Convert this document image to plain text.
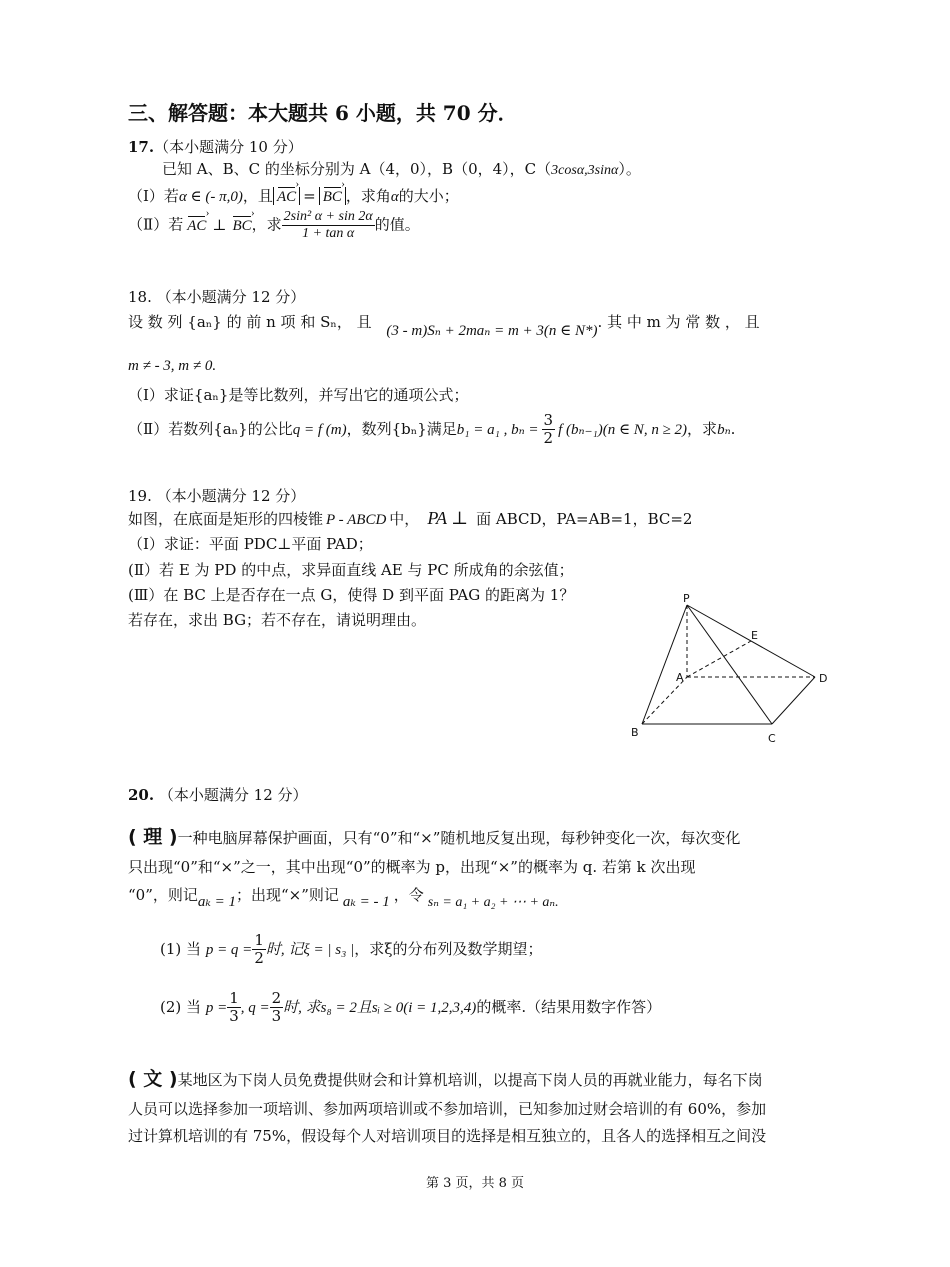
三、解答题：本大题共 6 小题，共 70 分．
17.（本小题满分 10 分）
已知 A、B、C 的坐标分别为 A（4，0），B（0，4），C（3cosα,3sinα）。
（Ⅰ）若α ∈ (- π,0)，且 AC › = BC › ，求角α的大小；
（Ⅱ）若 AC › ⊥ BC ›，求 $\frac{\text{2sin² α + sin 2α}}{\text{1 + tan α}}$ 的值。
18. （本小题满分 12 分）
设 数 列 {aₙ} 的 前 n 项 和 Sₙ， 且 (3 - m)Sₙ + 2maₙ = m + 3(n ∈ N*). 其 中 m 为 常 数 ， 且
m ≠ - 3, m ≠ 0.
（Ⅰ）求证{aₙ}是等比数列，并写出它的通项公式；
（Ⅱ）若数列{aₙ}的公比q = f (m)，数列{bₙ}满足b₁ = a₁ , $b_n = \frac{3}{2}$ f (bₙ₋₁)(n ∈ N, n ≥ 2)，求bₙ.
19. （本小题满分 12 分）
如图，在底面是矩形的四棱锥 P - ABCD 中， PA ⊥ 面 ABCD，PA=AB=1，BC=2
（Ⅰ）求证：平面 PDC⊥平面 PAD；
(Ⅱ）若 E 为 PD 的中点，求异面直线 AE 与 PC 所成角的余弦值；
(Ⅲ）在 BC 上是否存在一点 G，使得 D 到平面 PAG 的距离为 1？
若存在，求出 BG；若不存在，请说明理由。
P
E
A	D
B	C
20. （本小题满分 12 分）
( 理 )一种电脑屏幕保护画面，只有“0”和“×”随机地反复出现，每秒钟变化一次，每次变化
只出现“0”和“×”之一，其中出现“0”的概率为 p，出现“×”的概率为 q. 若第 k 次出现
“0”，则记aₖ = 1；出现“×”则记 aₖ = - 1 ，令 sₙ = a₁ + a₂ + ⋯ + aₙ.
(1) 当 $p = q = \frac{1}{2}$ 时, 记ξ = | s₃ |，求ξ的分布列及数学期望；
(2) 当 $p = \frac{1}{3}$ , $q = \frac{2}{3}$ 时, 求s₈ = 2且sᵢ ≥ 0(i = 1,2,3,4)的概率.（结果用数字作答）
( 文 )某地区为下岗人员免费提供财会和计算机培训，以提高下岗人员的再就业能力，每名下岗
人员可以选择参加一项培训、参加两项培训或不参加培训，已知参加过财会培训的有 60%，参加
过计算机培训的有 75%，假设每个人对培训项目的选择是相互独立的，且各人的选择相互之间没
第 3 页，共 8 页
